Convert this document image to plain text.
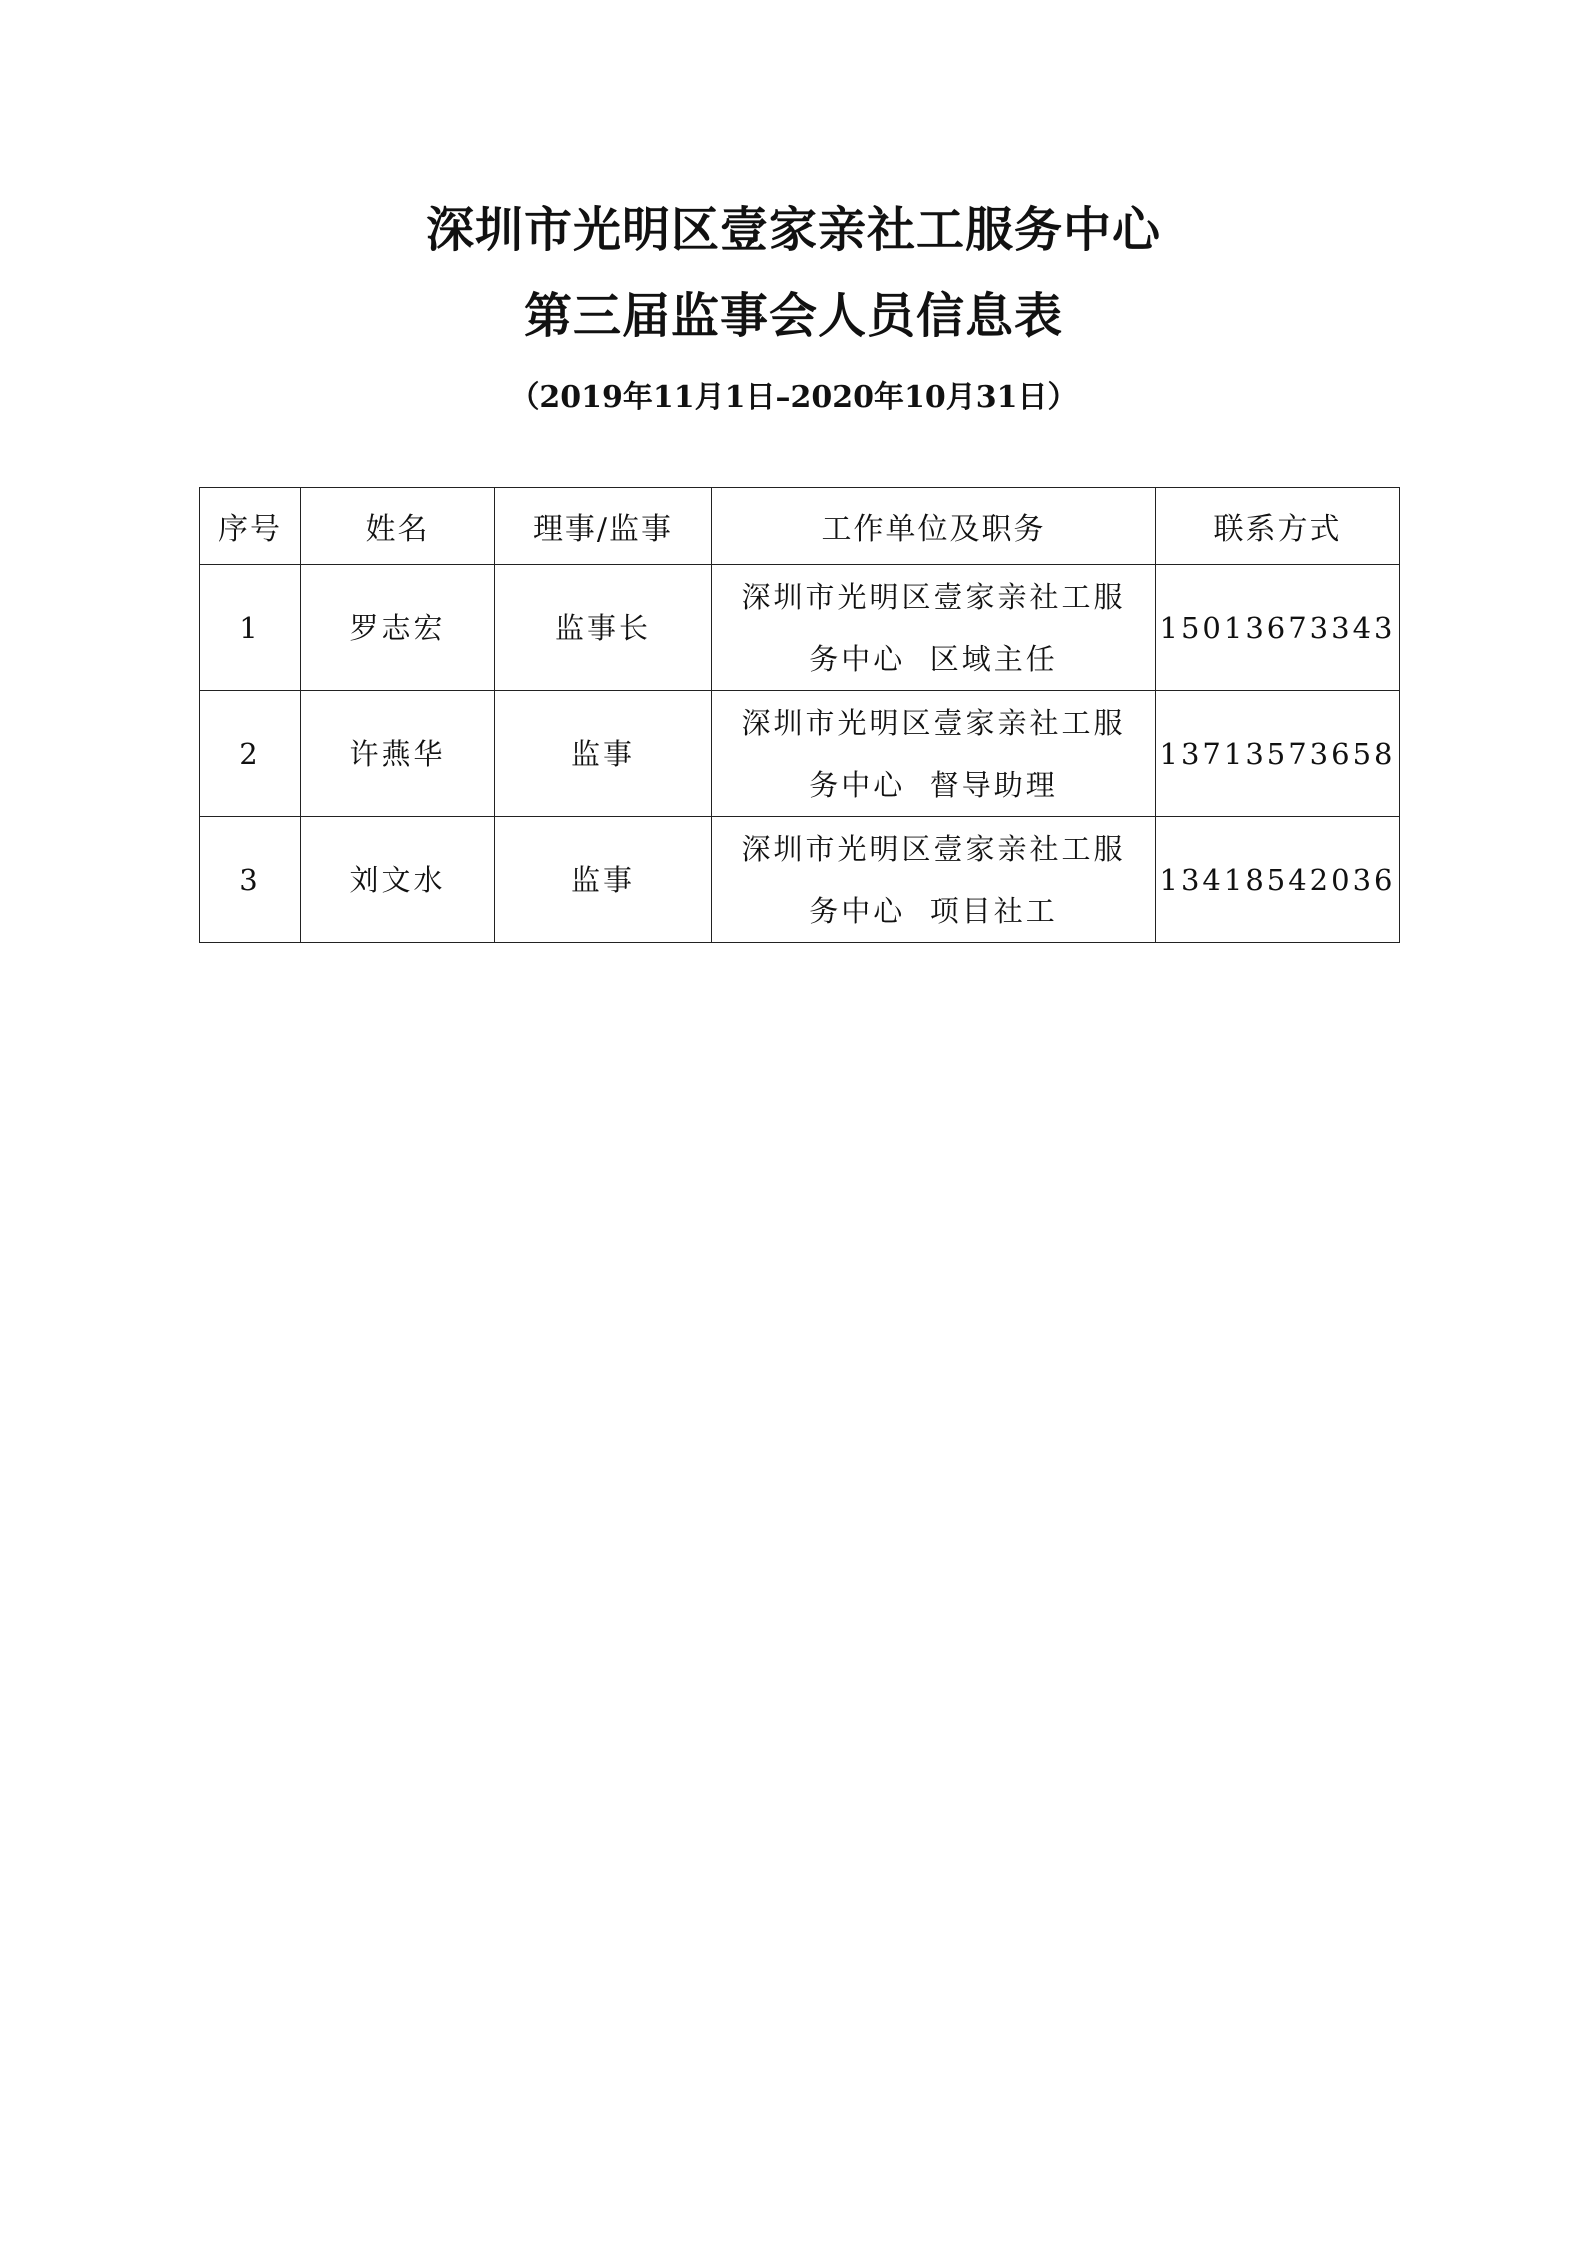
深圳市光明区壹家亲社工服务中心
第三届监事会人员信息表
（2019年11月1日–2020年10月31日）
序号	姓名	理事/监事	工作单位及职务	联系方式
1	罗志宏	监事长	深圳市光明区壹家亲社工服
务中心  区域主任	15013673343
2	许燕华	监事	深圳市光明区壹家亲社工服
务中心  督导助理	13713573658
3	刘文水	监事	深圳市光明区壹家亲社工服
务中心  项目社工	13418542036
